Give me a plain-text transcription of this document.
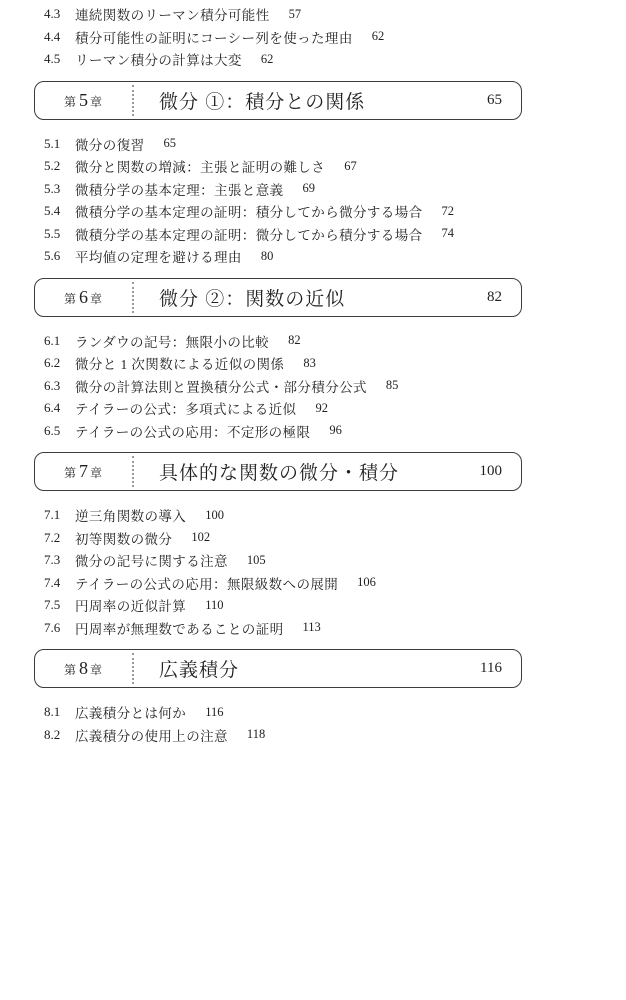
4.3	連続関数のリーマン積分可能性 57
4.4	積分可能性の証明にコーシー列を使った理由 62
4.5	リーマン積分の計算は大変 62
第 5 章	微分 ①：積分との関係	65
5.1	微分の復習 65
5.2	微分と関数の増減：主張と証明の難しさ 67
5.3	微積分学の基本定理：主張と意義 69
5.4	微積分学の基本定理の証明：積分してから微分する場合 72
5.5	微積分学の基本定理の証明：微分してから積分する場合 74
5.6	平均値の定理を避ける理由 80
第 6 章	微分 ②：関数の近似	82
6.1	ランダウの記号：無限小の比較 82
6.2	微分と 1 次関数による近似の関係 83
6.3	微分の計算法則と置換積分公式・部分積分公式 85
6.4	テイラーの公式：多項式による近似 92
6.5	テイラーの公式の応用：不定形の極限 96
第 7 章	具体的な関数の微分・積分	100
7.1	逆三角関数の導入 100
7.2	初等関数の微分 102
7.3	微分の記号に関する注意 105
7.4	テイラーの公式の応用：無限級数への展開 106
7.5	円周率の近似計算 110
7.6	円周率が無理数であることの証明 113
第 8 章	広義積分	116
8.1	広義積分とは何か 116
8.2	広義積分の使用上の注意 118
